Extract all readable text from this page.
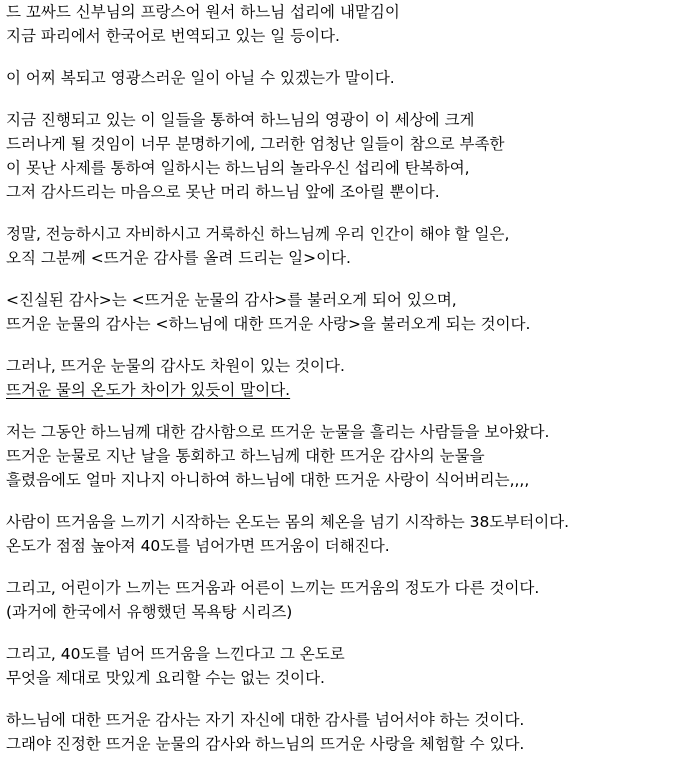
드 꼬싸드 신부님의 프랑스어 원서 하느님 섭리에 내맡김이
지금 파리에서 한국어로 번역되고 있는 일 등이다.
이 어찌 복되고 영광스러운 일이 아닐 수 있겠는가 말이다.
지금 진행되고 있는 이 일들을 통하여 하느님의 영광이 이 세상에 크게
드러나게 될 것임이 너무 분명하기에, 그러한 엄청난 일들이 참으로 부족한
이 못난 사제를 통하여 일하시는 하느님의 놀라우신 섭리에 탄복하여,
그저 감사드리는 마음으로 못난 머리 하느님 앞에 조아릴 뿐이다.
정말, 전능하시고 자비하시고 거룩하신 하느님께 우리 인간이 해야 할 일은,
오직 그분께 <뜨거운 감사를 올려 드리는 일>이다.
<진실된 감사>는 <뜨거운 눈물의 감사>를 불러오게 되어 있으며,
뜨거운 눈물의 감사는 <하느님에 대한 뜨거운 사랑>을 불러오게 되는 것이다.
그러나, 뜨거운 눈물의 감사도 차원이 있는 것이다.
뜨거운 물의 온도가 차이가 있듯이 말이다.
저는 그동안 하느님께 대한 감사함으로 뜨거운 눈물을 흘리는 사람들을 보아왔다.
뜨거운 눈물로 지난 날을 통회하고 하느님께 대한 뜨거운 감사의 눈물을
흘렸음에도 얼마 지나지 아니하여 하느님에 대한 뜨거운 사랑이 식어버리는,,,,
사람이 뜨거움을 느끼기 시작하는 온도는 몸의 체온을 넘기 시작하는 38도부터이다.
온도가 점점 높아져 40도를 넘어가면 뜨거움이 더해진다.
그리고, 어린이가 느끼는 뜨거움과 어른이 느끼는 뜨거움의 정도가 다른 것이다.
(과거에 한국에서 유행했던 목욕탕 시리즈)
그리고, 40도를 넘어 뜨거움을 느낀다고 그 온도로
무엇을 제대로 맛있게 요리할 수는 없는 것이다.
하느님에 대한 뜨거운 감사는 자기 자신에 대한 감사를 넘어서야 하는 것이다.
그래야 진정한 뜨거운 눈물의 감사와 하느님의 뜨거운 사랑을 체험할 수 있다.
